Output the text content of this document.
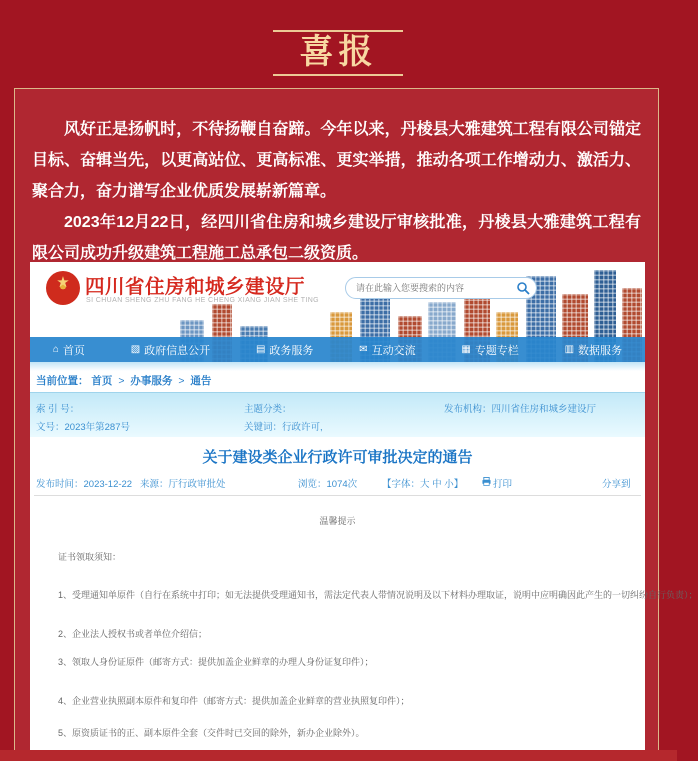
喜报

风好正是扬帆时，不待扬鞭自奋蹄。今年以来，丹棱县大雅建筑工程有限公司锚定目标、奋辑当先，以更高站位、更高标准、更实举措，推动各项工作增动力、激活力、聚合力，奋力谱写企业优质发展崭新篇章。

2023年12月22日，经四川省住房和城乡建设厅审核批准，丹棱县大雅建筑工程有限公司成功升级建筑工程施工总承包二级资质。

★ 四川省住房和城乡建设厅
SI CHUAN SHENG ZHU FANG HE CHENG XIANG JIAN SHE TING
请在此输入您要搜索的内容
⌂ 首页	▧ 政府信息公开	▤ 政务服务	✉ 互动交流	▦ 专题专栏	▥ 数据服务
当前位置： 首页 > 办事服务 > 通告
索 引 号：	主题分类：	发布机构：四川省住房和城乡建设厅
文号：2023年第287号	关键词：行政许可,
关于建设类企业行政许可审批决定的通告
发布时间：2023-12-22 来源：厅行政审批处	浏览：1074次	【字体：大 中 小】	打印	分享到
温馨提示
证书领取须知：
1、受理通知单原件（自行在系统中打印；如无法提供受理通知书，需法定代表人带情况说明及以下材料办理取证，说明中应明确因此产生的一切纠纷自行负责）；
2、企业法人授权书或者单位介绍信；
3、领取人身份证原件（邮寄方式：提供加盖企业鲜章的办理人身份证复印件）；
4、企业营业执照副本原件和复印件（邮寄方式：提供加盖企业鲜章的营业执照复印件）；
5、原资质证书的正、副本原件全套（交件时已交回的除外，新办企业除外）。
